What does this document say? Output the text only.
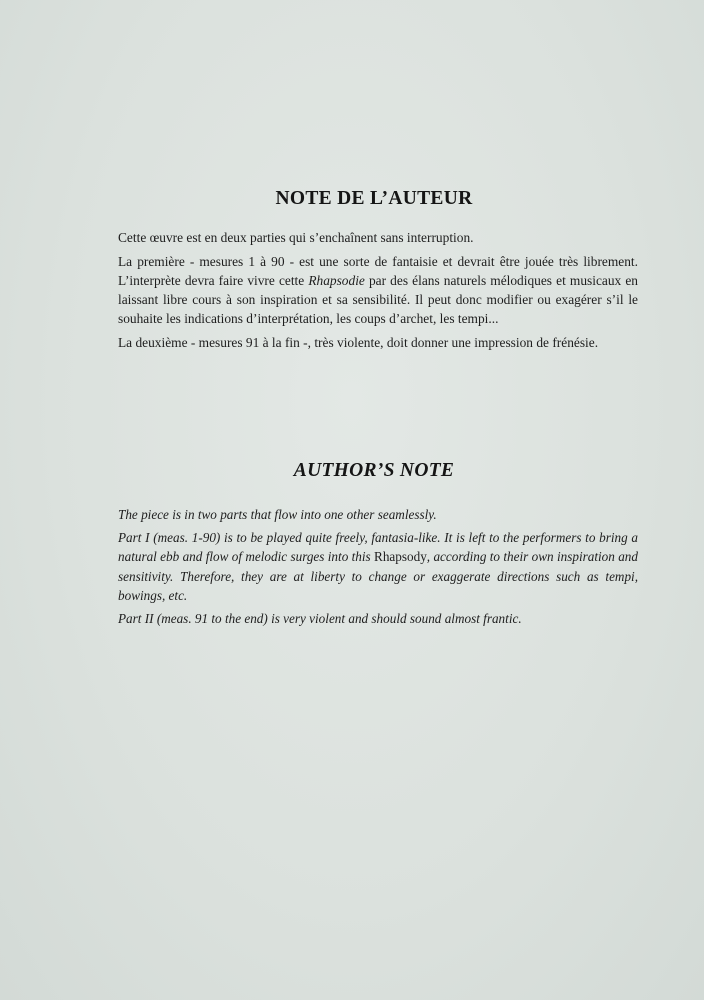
NOTE DE L’AUTEUR

Cette œuvre est en deux parties qui s’enchaînent sans interruption.

La première - mesures 1 à 90 - est une sorte de fantaisie et devrait être jouée très librement. L’interprète devra faire vivre cette Rhapsodie par des élans naturels mélodiques et musicaux en laissant libre cours à son inspiration et sa sensibilité. Il peut donc modifier ou exagérer s’il le souhaite les indications d’interprétation, les coups d’archet, les tempi...

La deuxième - mesures 91 à la fin -, très violente, doit donner une impression de frénésie.

AUTHOR’S NOTE

The piece is in two parts that flow into one other seamlessly.

Part I (meas. 1-90) is to be played quite freely, fantasia-like. It is left to the performers to bring a natural ebb and flow of melodic surges into this Rhapsody, according to their own inspiration and sensitivity. Therefore, they are at liberty to change or exaggerate directions such as tempi, bowings, etc.

Part II (meas. 91 to the end) is very violent and should sound almost frantic.
